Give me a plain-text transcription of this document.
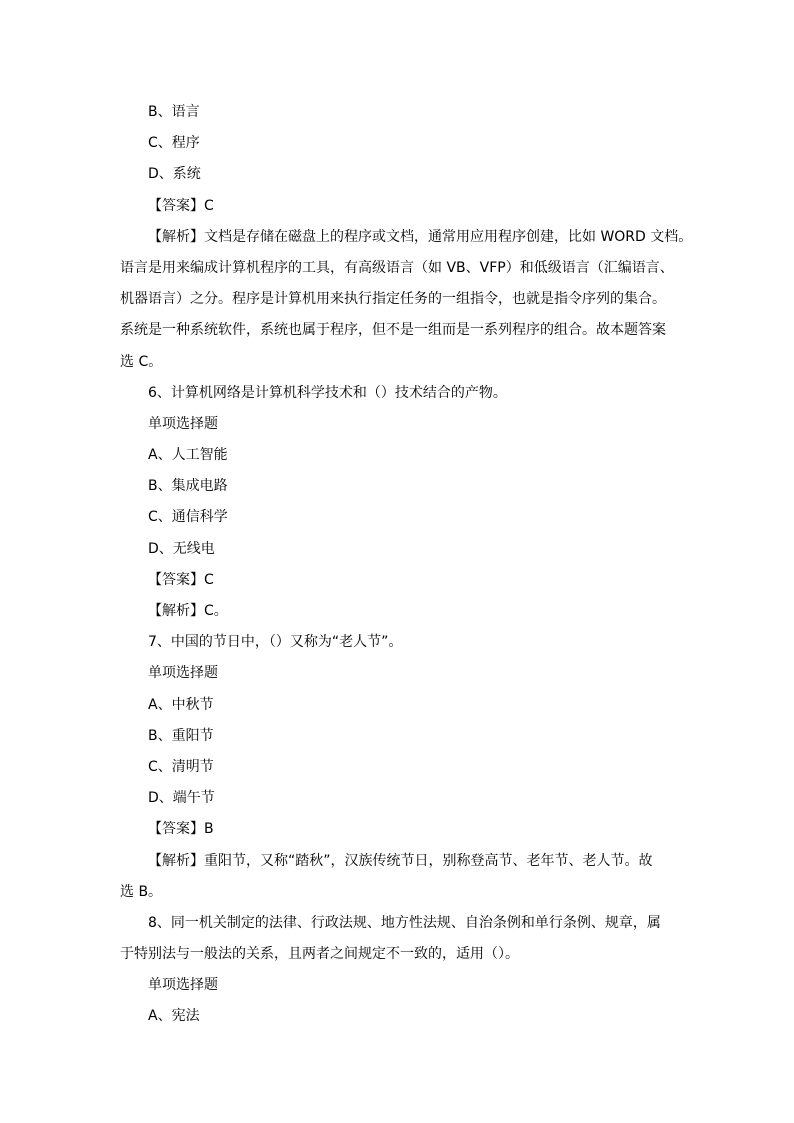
B、语言
C、程序
D、系统
【答案】C
【解析】文档是存储在磁盘上的程序或文档，通常用应用程序创建，比如 WORD 文档。
语言是用来编成计算机程序的工具，有高级语言（如 VB、VFP）和低级语言（汇编语言、
机器语言）之分。程序是计算机用来执行指定任务的一组指令，也就是指令序列的集合。
系统是一种系统软件，系统也属于程序，但不是一组而是一系列程序的组合。故本题答案
选 C。
6、计算机网络是计算机科学技术和（）技术结合的产物。
单项选择题
A、人工智能
B、集成电路
C、通信科学
D、无线电
【答案】C
【解析】C。
7、中国的节日中，（）又称为“老人节”。
单项选择题
A、中秋节
B、重阳节
C、清明节
D、端午节
【答案】B
【解析】重阳节，又称“踏秋”，汉族传统节日，别称登高节、老年节、老人节。故
选 B。
8、同一机关制定的法律、行政法规、地方性法规、自治条例和单行条例、规章，属
于特别法与一般法的关系，且两者之间规定不一致的，适用（）。
单项选择题
A、宪法
